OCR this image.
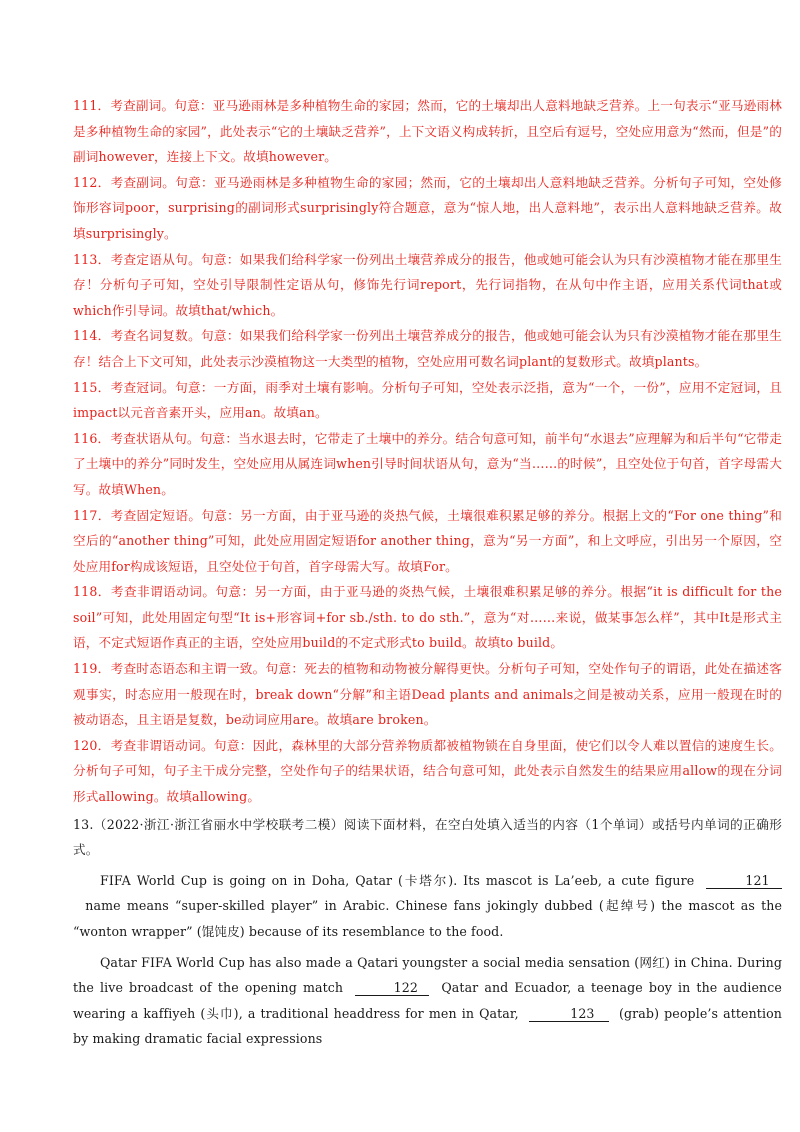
111．考查副词。句意：亚马逊雨林是多种植物生命的家园；然而，它的土壤却出人意料地缺乏营养。上一句表示“亚马逊雨林是多种植物生命的家园”，此处表示“它的土壤缺乏营养”，上下文语义构成转折，且空后有逗号，空处应用意为“然而，但是”的副词however，连接上下文。故填however。

112．考查副词。句意：亚马逊雨林是多种植物生命的家园；然而，它的土壤却出人意料地缺乏营养。分析句子可知，空处修饰形容词poor，surprising的副词形式surprisingly符合题意，意为“惊人地，出人意料地”，表示出人意料地缺乏营养。故填surprisingly。

113．考查定语从句。句意：如果我们给科学家一份列出土壤营养成分的报告，他或她可能会认为只有沙漠植物才能在那里生存！分析句子可知，空处引导限制性定语从句，修饰先行词report，先行词指物，在从句中作主语，应用关系代词that或which作引导词。故填that/which。

114．考查名词复数。句意：如果我们给科学家一份列出土壤营养成分的报告，他或她可能会认为只有沙漠植物才能在那里生存！结合上下文可知，此处表示沙漠植物这一大类型的植物，空处应用可数名词plant的复数形式。故填plants。

115．考查冠词。句意：一方面，雨季对土壤有影响。分析句子可知，空处表示泛指，意为“一个，一份”，应用不定冠词，且impact以元音音素开头，应用an。故填an。

116．考查状语从句。句意：当水退去时，它带走了土壤中的养分。结合句意可知，前半句“水退去”应理解为和后半句“它带走了土壤中的养分”同时发生，空处应用从属连词when引导时间状语从句，意为“当……的时候”，且空处位于句首，首字母需大写。故填When。

117．考查固定短语。句意：另一方面，由于亚马逊的炎热气候，土壤很难积累足够的养分。根据上文的“For one thing”和空后的“another thing”可知，此处应用固定短语for another thing，意为“另一方面”，和上文呼应，引出另一个原因，空处应用for构成该短语，且空处位于句首，首字母需大写。故填For。

118．考查非谓语动词。句意：另一方面，由于亚马逊的炎热气候，土壤很难积累足够的养分。根据“it is difficult for the soil”可知，此处用固定句型“It is+形容词+for sb./sth. to do sth.”，意为“对……来说，做某事怎么样”，其中It是形式主语，不定式短语作真正的主语，空处应用build的不定式形式to build。故填to build。

119．考查时态语态和主谓一致。句意：死去的植物和动物被分解得更快。分析句子可知，空处作句子的谓语，此处在描述客观事实，时态应用一般现在时，break down“分解”和主语Dead plants and animals之间是被动关系，应用一般现在时的被动语态，且主语是复数，be动词应用are。故填are broken。

120．考查非谓语动词。句意：因此，森林里的大部分营养物质都被植物锁在自身里面，使它们以令人难以置信的速度生长。分析句子可知，句子主干成分完整，空处作句子的结果状语，结合句意可知，此处表示自然发生的结果应用allow的现在分词形式allowing。故填allowing。

13.（2022·浙江·浙江省丽水中学校联考二模）阅读下面材料，在空白处填入适当的内容（1个单词）或括号内单词的正确形式。

FIFA World Cup is going on in Doha, Qatar (卡塔尔). Its mascot is La’eeb, a cute figure	121  name means “super-skilled player” in Arabic. Chinese fans jokingly dubbed (起绰号) the mascot as the “wonton wrapper” (馄饨皮) because of its resemblance to the food.

Qatar FIFA World Cup has also made a Qatari youngster a social media sensation (网红) in China. During the live broadcast of the opening match	122 Qatar and Ecuador, a teenage boy in the audience wearing a kaffiyeh (头巾), a traditional headdress for men in Qatar,	123 (grab) people’s attention by making dramatic facial expressions
